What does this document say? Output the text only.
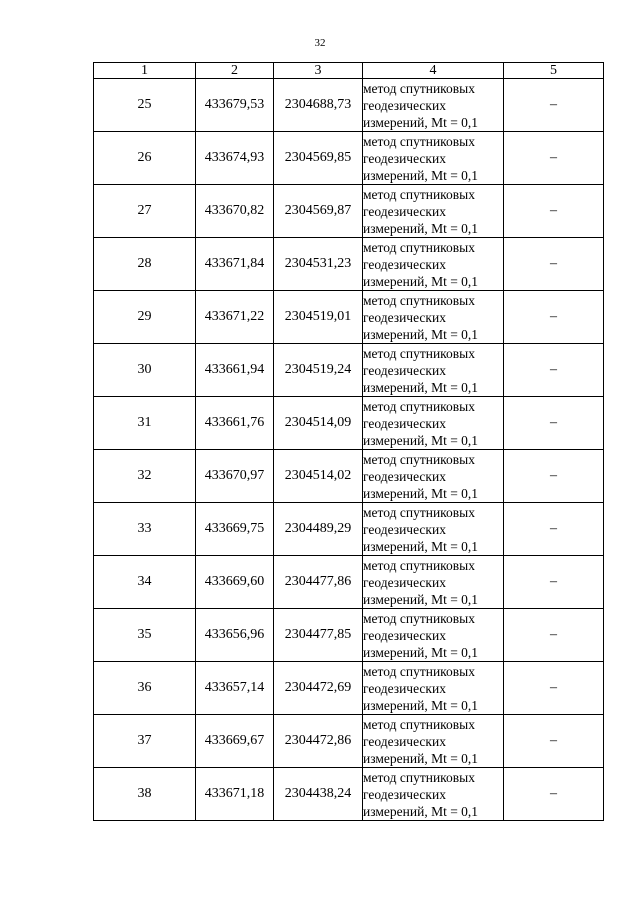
32
1	2	3	4	5
25	433679,53	2304688,73	метод спутниковых
геодезических
измерений, Mt = 0,1	–
26	433674,93	2304569,85	метод спутниковых
геодезических
измерений, Mt = 0,1	–
27	433670,82	2304569,87	метод спутниковых
геодезических
измерений, Mt = 0,1	–
28	433671,84	2304531,23	метод спутниковых
геодезических
измерений, Mt = 0,1	–
29	433671,22	2304519,01	метод спутниковых
геодезических
измерений, Mt = 0,1	–
30	433661,94	2304519,24	метод спутниковых
геодезических
измерений, Mt = 0,1	–
31	433661,76	2304514,09	метод спутниковых
геодезических
измерений, Mt = 0,1	–
32	433670,97	2304514,02	метод спутниковых
геодезических
измерений, Mt = 0,1	–
33	433669,75	2304489,29	метод спутниковых
геодезических
измерений, Mt = 0,1	–
34	433669,60	2304477,86	метод спутниковых
геодезических
измерений, Mt = 0,1	–
35	433656,96	2304477,85	метод спутниковых
геодезических
измерений, Mt = 0,1	–
36	433657,14	2304472,69	метод спутниковых
геодезических
измерений, Mt = 0,1	–
37	433669,67	2304472,86	метод спутниковых
геодезических
измерений, Mt = 0,1	–
38	433671,18	2304438,24	метод спутниковых
геодезических
измерений, Mt = 0,1	–
